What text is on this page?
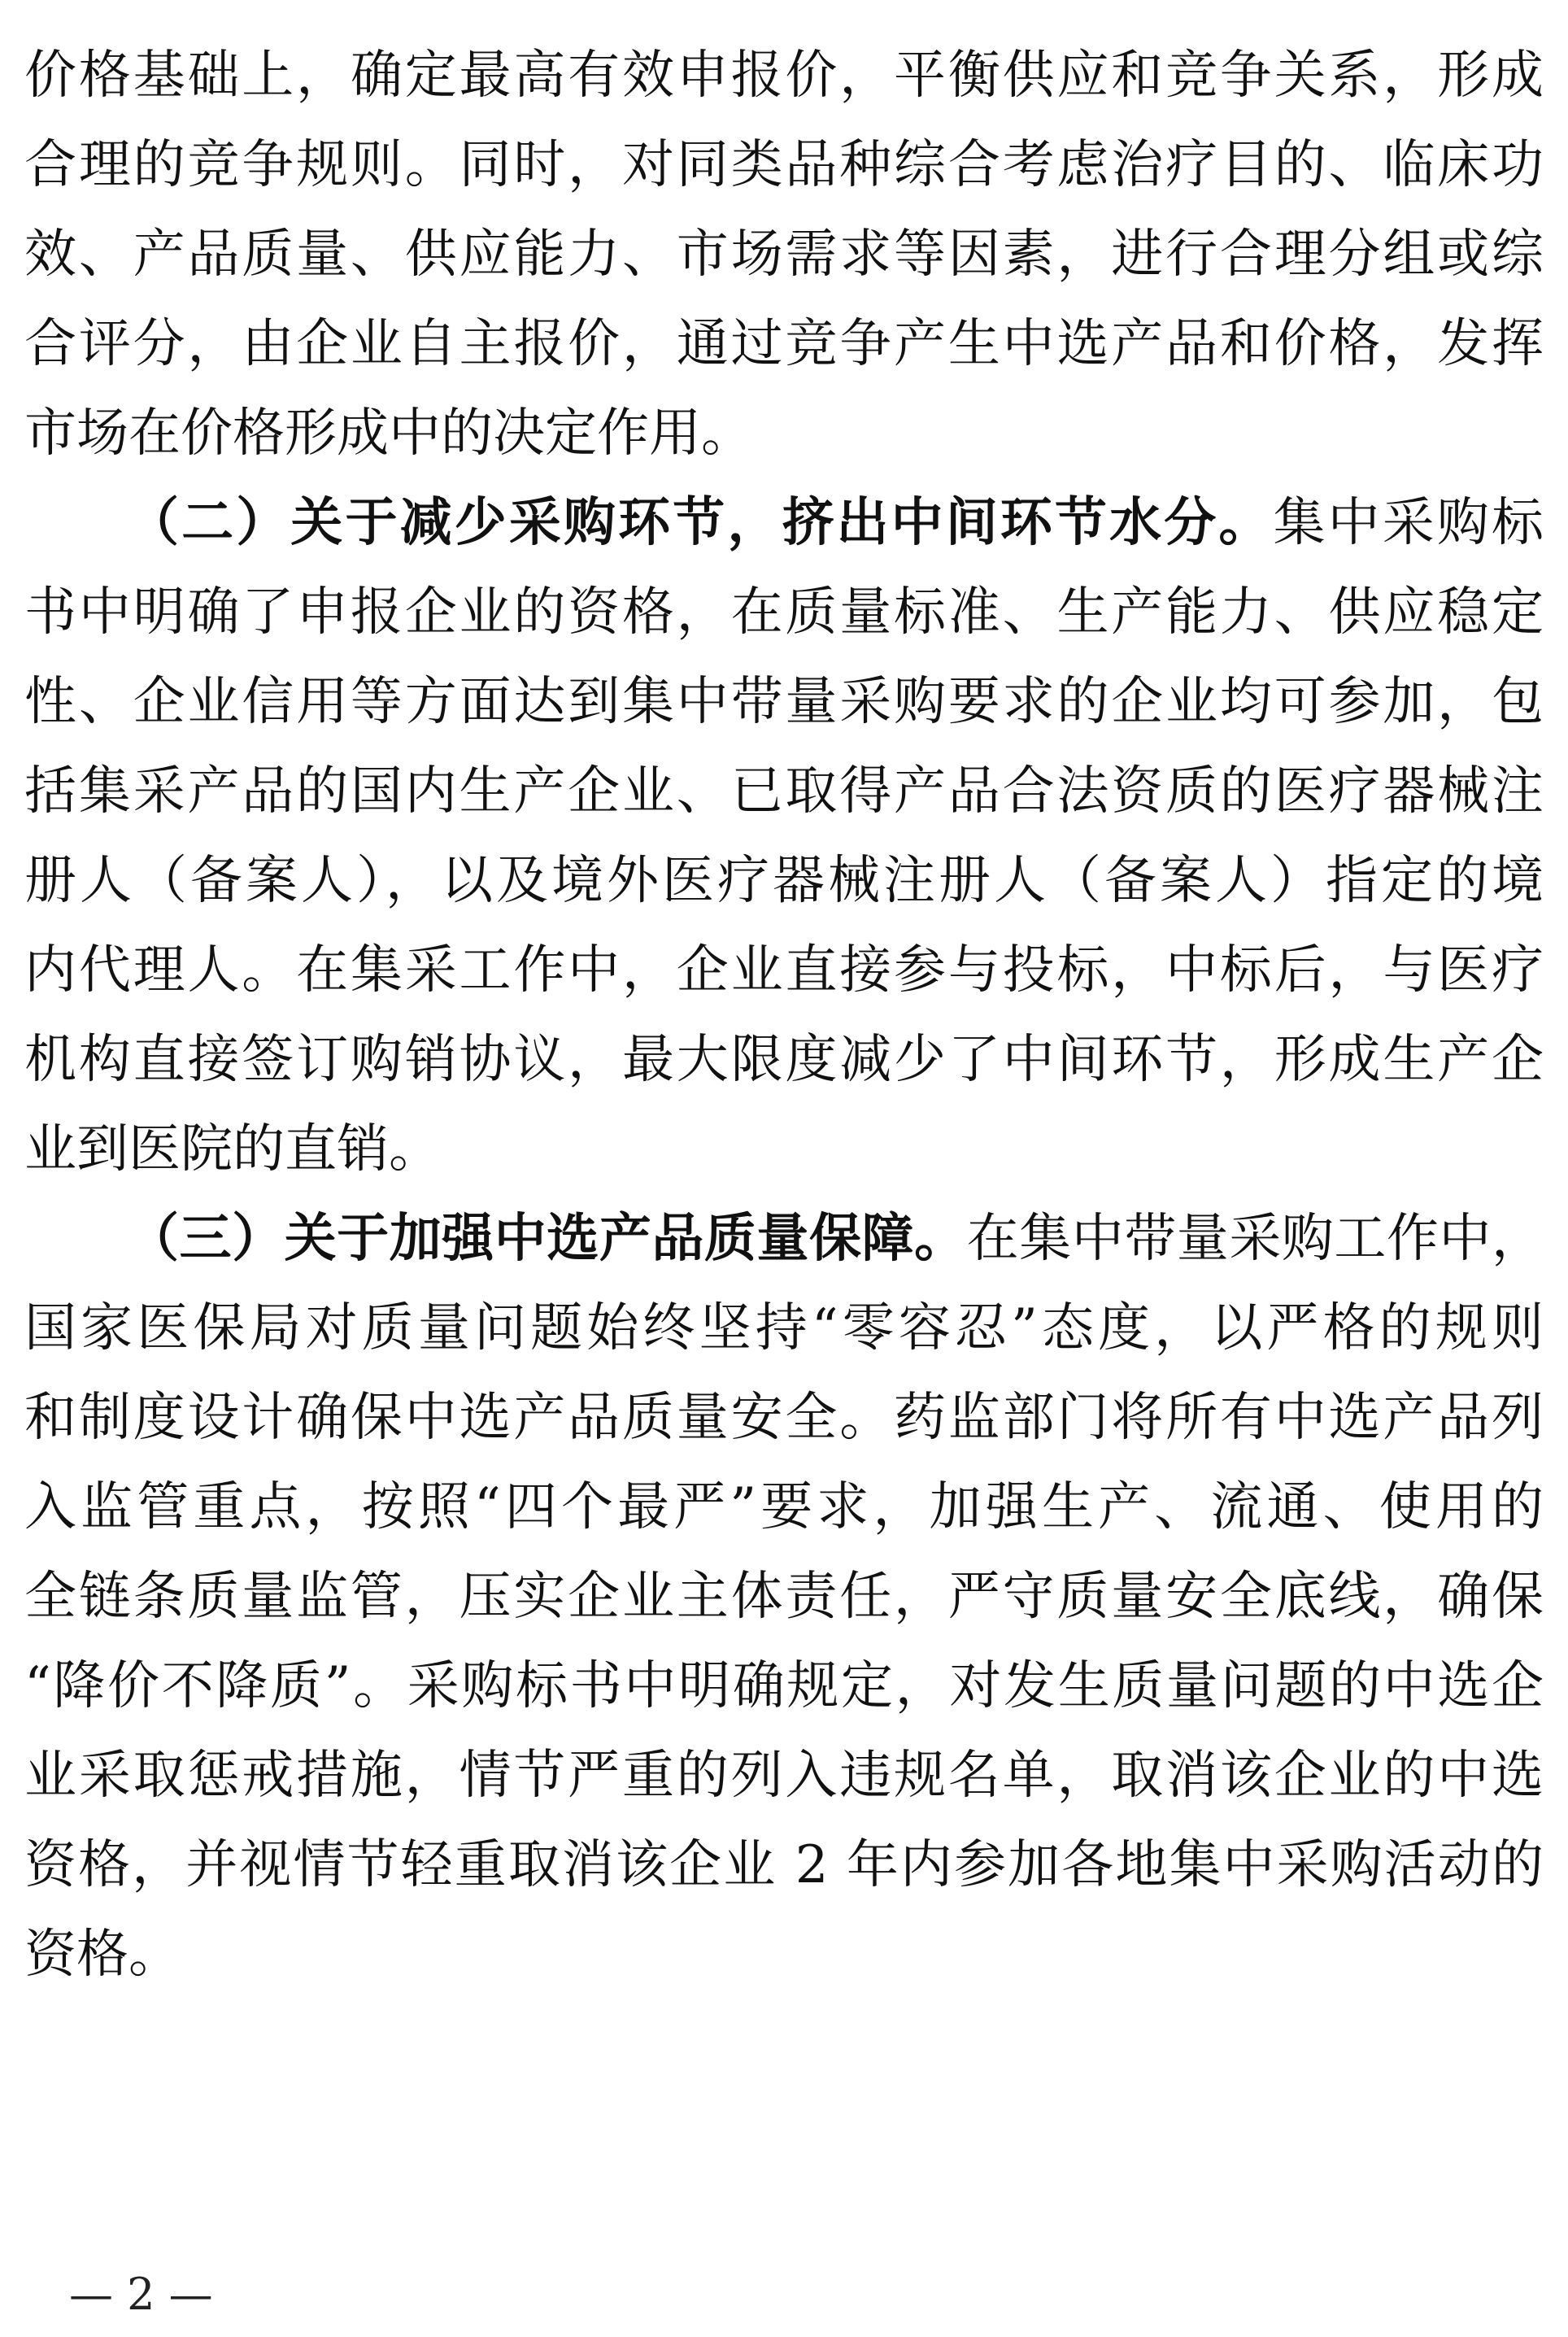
价格基础上，确定最高有效申报价，平衡供应和竞争关系，形成
合理的竞争规则。同时，对同类品种综合考虑治疗目的、临床功
效、产品质量、供应能力、市场需求等因素，进行合理分组或综
合评分，由企业自主报价，通过竞争产生中选产品和价格，发挥
市场在价格形成中的决定作用。
（二）关于减少采购环节，挤出中间环节水分。集中采购标
书中明确了申报企业的资格，在质量标准、生产能力、供应稳定
性、企业信用等方面达到集中带量采购要求的企业均可参加，包
括集采产品的国内生产企业、已取得产品合法资质的医疗器械注
册人（备案人），以及境外医疗器械注册人（备案人）指定的境
内代理人。在集采工作中，企业直接参与投标，中标后，与医疗
机构直接签订购销协议，最大限度减少了中间环节，形成生产企
业到医院的直销。
（三）关于加强中选产品质量保障。在集中带量采购工作中，
国家医保局对质量问题始终坚持“零容忍”态度，以严格的规则
和制度设计确保中选产品质量安全。药监部门将所有中选产品列
入监管重点，按照“四个最严”要求，加强生产、流通、使用的
全链条质量监管，压实企业主体责任，严守质量安全底线，确保
“降价不降质”。采购标书中明确规定，对发生质量问题的中选企
业采取惩戒措施，情节严重的列入违规名单，取消该企业的中选
资格，并视情节轻重取消该企业 2 年内参加各地集中采购活动的
资格。
— 2 —
